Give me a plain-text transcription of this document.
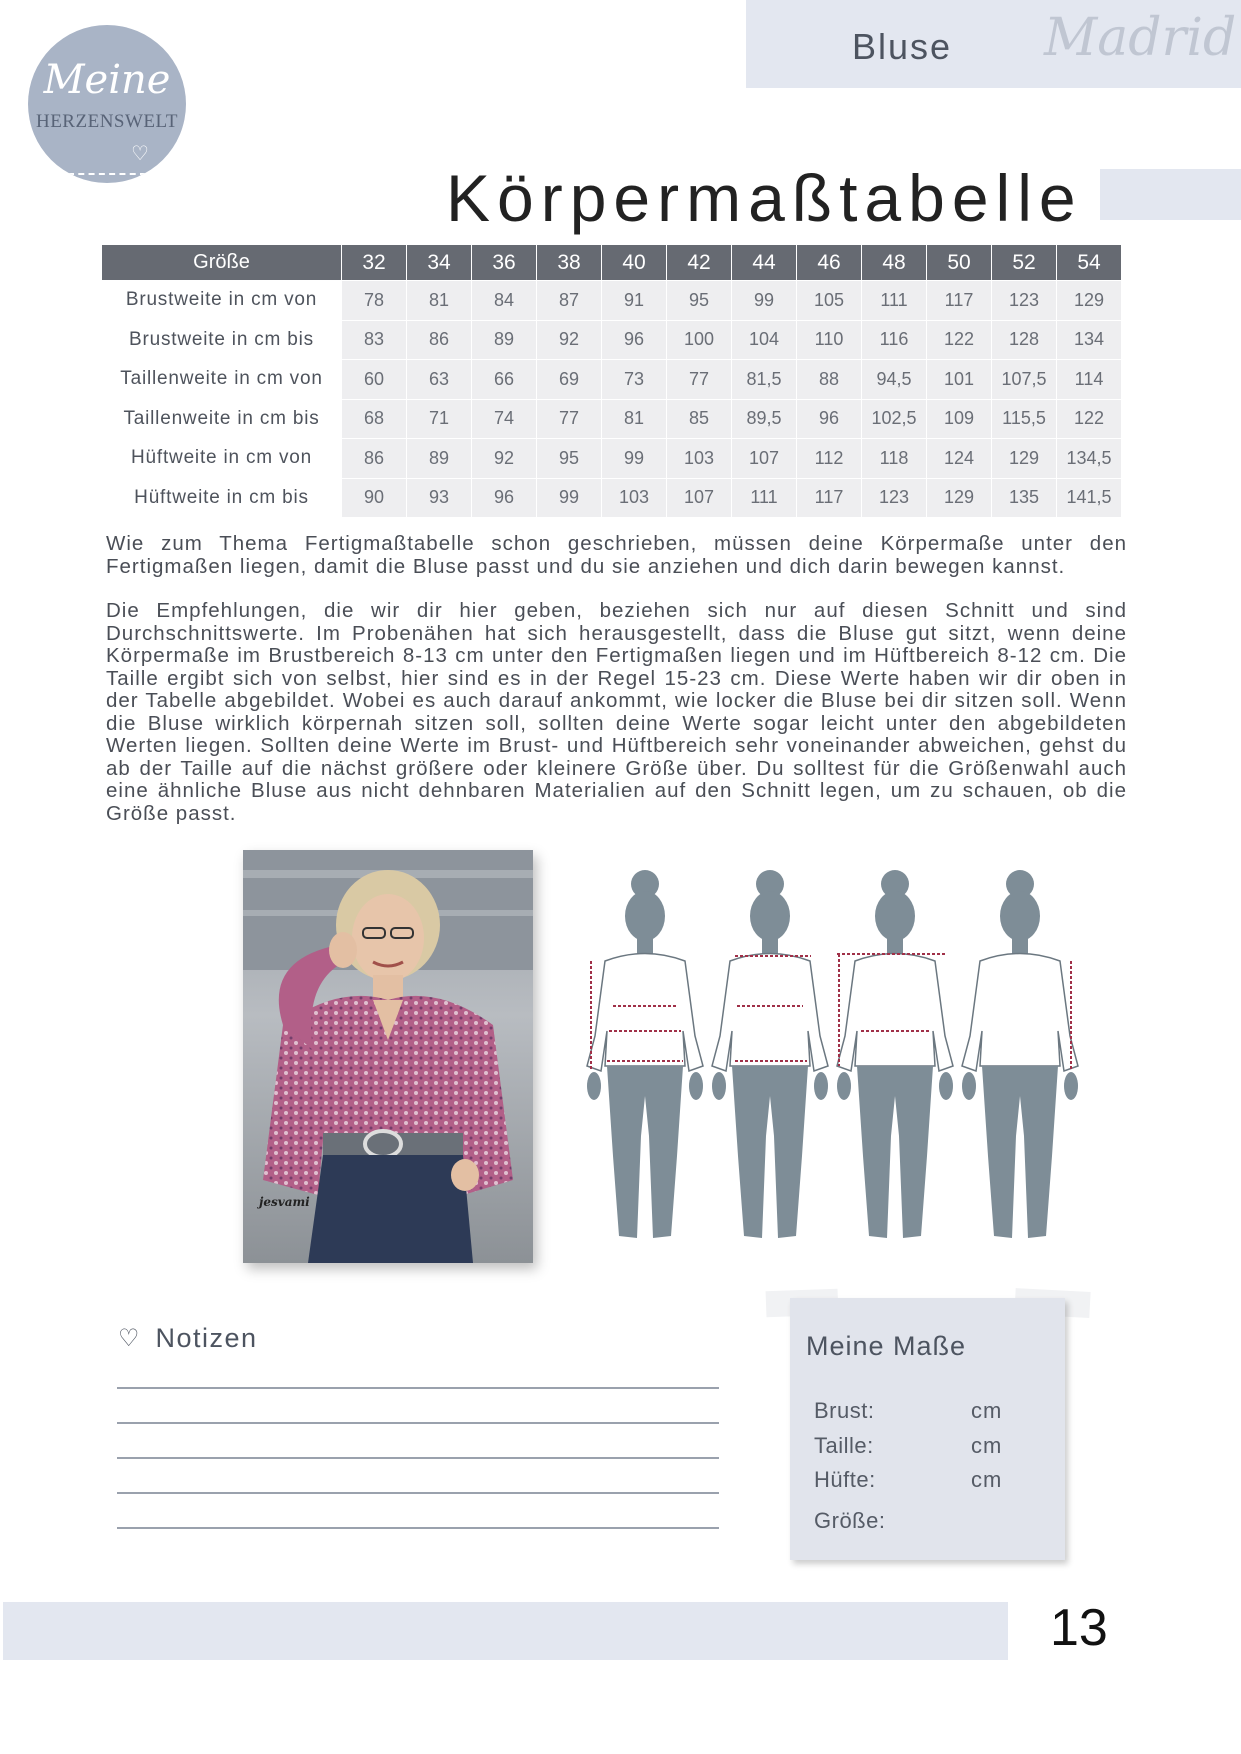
Meine
HERZENSWELT
♡
Bluse Madrid
Körpermaßtabelle
Größe	32	34	36	38	40	42	44	46	48	50	52	54
Brustweite in cm von	78	81	84	87	91	95	99	105	111	117	123	129
Brustweite in cm bis	83	86	89	92	96	100	104	110	116	122	128	134
Taillenweite in cm von	60	63	66	69	73	77	81,5	88	94,5	101	107,5	114
Taillenweite in cm bis	68	71	74	77	81	85	89,5	96	102,5	109	115,5	122
Hüftweite in cm von	86	89	92	95	99	103	107	112	118	124	129	134,5
Hüftweite in cm bis	90	93	96	99	103	107	111	117	123	129	135	141,5

Wie zum Thema Fertigmaßtabelle schon geschrieben, müssen deine Körpermaße unter den Fertigmaßen liegen, damit die Bluse passt und du sie anziehen und dich darin bewegen kannst.

Die Empfehlungen, die wir dir hier geben, beziehen sich nur auf diesen Schnitt und sind Durchschnittswerte. Im Probenähen hat sich herausgestellt, dass die Bluse gut sitzt, wenn deine Körpermaße im Brustbereich 8-13 cm unter den Fertigmaßen liegen und im Hüftbereich 8-12 cm. Die Taille ergibt sich von selbst, hier sind es in der Regel 15-23 cm. Diese Werte haben wir dir oben in der Tabelle abgebildet. Wobei es auch darauf ankommt, wie locker die Bluse bei dir sitzen soll. Wenn die Bluse wirklich körpernah sitzen soll, sollten deine Werte sogar leicht unter den abgebildeten Werten liegen. Sollten deine Werte im Brust- und Hüftbereich sehr voneinander abweichen, gehst du ab der Taille auf die nächst größere oder kleinere Größe über. Du solltest für die Größenwahl auch eine ähnliche Bluse aus nicht dehnbaren Materialien auf den Schnitt legen, um zu schauen, ob die Größe passt.

jesvami
♡ Notizen	Meine Maße
Brust:	cm
Taille:	cm
Hüfte:	cm
Größe:
13
